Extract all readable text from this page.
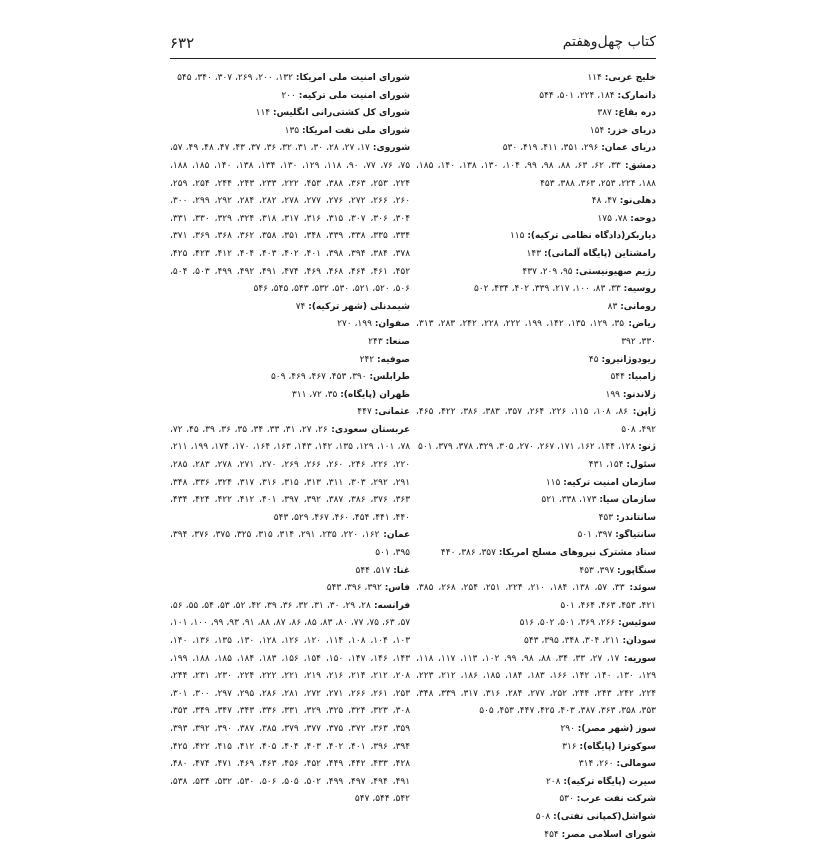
کتاب چهل‌وهفتم
۶۳۲

خلیج عربی: ۱۱۴

دانمارک: ۱۸۴، ۲۲۴، ۵۰۱، ۵۴۴

دره بقاع: ۳۸۷

دریای خزر: ۱۵۴

دریای عمان: ۲۹۶، ۳۵۱، ۴۱۱، ۴۱۹، ۵۳۰

دمشق: ۳۳، ۶۲، ۶۳، ۸۸، ۹۸، ۹۹، ۱۰۴، ۱۳۰، ۱۳۸، ۱۴۰، ۱۸۵، ۱۸۸، ۲۲۴، ۲۵۳، ۳۶۳، ۳۸۸، ۴۵۳

دهلی‌نو: ۴۷، ۴۸

دوحه: ۷۸، ۱۷۵

دیاربکر(دادگاه نظامی ترکیه): ۱۱۵

رامشتاین (پایگاه آلمانی): ۱۴۳

رژیم صهیونیستی: ۹۵، ۲۰۹، ۴۳۷

روسیه: ۳۳، ۸۳، ۱۰۰، ۲۱۷، ۳۳۹، ۴۰۲، ۴۳۴، ۵۰۲

رومانی: ۸۳

ریاض: ۳۵، ۱۲۹، ۱۳۵، ۱۴۲، ۱۹۹، ۲۲۲، ۲۲۸، ۲۴۲، ۲۸۳، ۳۱۳، ۳۳۰، ۳۹۲

ریودوژانیرو: ۴۵

زامبیا: ۵۴۴

زلاندنو: ۱۹۹

ژاپن: ۸۶، ۱۰۸، ۱۱۵، ۲۲۶، ۲۶۴، ۳۵۷، ۳۸۳، ۳۸۶، ۴۲۲، ۴۶۵، ۴۹۲، ۵۰۸

ژنو: ۱۲۸، ۱۴۴، ۱۶۲، ۱۷۱، ۲۶۷، ۲۷۰، ۳۰۵، ۳۲۹، ۳۷۸، ۳۷۹، ۵۰۱

سئول: ۱۵۴، ۴۳۱

سازمان امنیت ترکیه: ۱۱۵

سازمان سیا: ۱۷۳، ۳۳۸، ۵۲۱

سانتاندر: ۴۵۳

سانتیاگو: ۳۹۷، ۵۰۱

ستاد مشترک نیروهای مسلح امریکا: ۳۵۷، ۳۸۶، ۴۴۰

سنگاپور: ۳۹۷، ۴۵۳

سوئد: ۳۳، ۵۷، ۱۳۸، ۱۸۴، ۲۱۰، ۲۲۴، ۲۵۱، ۲۵۴، ۲۶۸، ۳۸۵، ۴۲۱، ۴۵۳، ۴۶۳، ۴۶۴، ۵۰۱

سوئیس: ۲۶۶، ۳۶۹، ۵۰۱، ۵۰۲، ۵۱۶

سودان: ۲۱۱، ۳۰۴، ۳۴۸، ۳۹۵، ۵۴۳

سوریه: ۱۷، ۲۷، ۳۳، ۳۴، ۸۸، ۹۸، ۹۹، ۱۰۲، ۱۱۳، ۱۱۷، ۱۱۸، ۱۲۹، ۱۳۰، ۱۴۰، ۱۴۲، ۱۶۶، ۱۸۳، ۱۸۴، ۱۸۵، ۱۸۶، ۲۱۲، ۲۲۳، ۲۲۴، ۲۴۲، ۲۴۳، ۲۴۴، ۲۵۲، ۲۷۷، ۲۸۴، ۳۱۶، ۳۱۷، ۳۳۹، ۳۴۸، ۳۵۳، ۳۵۸، ۳۶۳، ۳۸۷، ۴۰۳، ۴۲۵، ۴۴۷، ۴۵۳، ۵۰۵

سوز (شهر مصر): ۲۹۰

سوکوترا (پایگاه): ۳۱۶

سومالی: ۲۶۰، ۳۱۴

سیرت (پایگاه ترکیه): ۲۰۸

شرکت نفت عرب: ۵۳۰

شواشل(کمپانی نفتی): ۵۰۸

شورای اسلامی مصر: ۴۵۴

شورای امنیت ملی امریکا: ۱۳۲، ۲۰۰، ۲۶۹، ۳۰۷، ۳۴۰، ۵۴۵

شورای امنیت ملی ترکیه: ۲۰۰

شورای کل کشتی‌رانی انگلیس: ۱۱۴

شورای ملی نفت امریکا: ۱۳۵

شوروی: ۱۷، ۲۷، ۲۸، ۳۰، ۳۱، ۳۲، ۳۶، ۳۷، ۴۳، ۴۷، ۴۸، ۴۹، ۵۷، ۷۵، ۷۶، ۷۷، ۹۰، ۱۱۸، ۱۲۹، ۱۳۰، ۱۳۴، ۱۳۸، ۱۴۰، ۱۸۵، ۱۸۸، ۲۲۴، ۲۵۳، ۳۶۳، ۳۸۸، ۴۵۳، ۲۲۲، ۲۳۳، ۲۴۳، ۲۴۴، ۲۵۴، ۲۵۹، ۲۶۰، ۲۶۶، ۲۷۲، ۲۷۶، ۲۷۷، ۲۷۸، ۲۸۲، ۲۸۴، ۲۹۲، ۲۹۹، ۳۰۰، ۳۰۴، ۳۰۶، ۳۰۷، ۳۱۵، ۳۱۶، ۳۱۷، ۳۱۸، ۳۲۴، ۳۲۹، ۳۳۰، ۳۳۱، ۳۳۴، ۳۳۵، ۳۳۸، ۳۳۹، ۳۴۸، ۳۵۱، ۳۵۸، ۳۶۲، ۳۶۸، ۳۶۹، ۳۷۱، ۳۷۸، ۳۸۴، ۳۹۴، ۳۹۸، ۴۰۱، ۴۰۲، ۴۰۳، ۴۰۴، ۴۱۲، ۴۲۳، ۴۲۵، ۴۵۲، ۴۶۱، ۴۶۴، ۴۶۸، ۴۶۹، ۴۷۴، ۴۹۱، ۴۹۲، ۴۹۹، ۵۰۳، ۵۰۴، ۵۰۶، ۵۲۰، ۵۲۱، ۵۳۰، ۵۳۲، ۵۴۳، ۵۴۵، ۵۴۶

شیمدنلی (شهر ترکیه): ۷۴

صفوان: ۱۹۹، ۲۷۰

صنعا: ۲۴۳

صوفیه: ۲۴۲

طرابلس: ۳۹۰، ۴۵۳، ۴۶۷، ۴۶۹، ۵۰۹

ظهران (پایگاه): ۳۵، ۷۲، ۳۱۱

عثمانی: ۴۴۷

عربستان سعودی: ۲۶، ۲۷، ۳۱، ۳۳، ۳۴، ۳۵، ۳۶، ۳۹، ۴۵، ۷۲، ۷۸، ۱۰۱، ۱۲۹، ۱۳۵، ۱۴۲، ۱۴۳، ۱۶۳، ۱۶۴، ۱۷۰، ۱۷۴، ۱۹۹، ۲۱۱، ۲۲۰، ۲۲۶، ۲۴۶، ۲۶۰، ۲۶۶، ۲۶۹، ۲۷۰، ۲۷۱، ۲۷۸، ۲۸۳، ۲۸۵، ۲۹۱، ۲۹۲، ۳۰۳، ۳۱۱، ۳۱۳، ۳۱۵، ۳۱۶، ۳۱۷، ۳۲۴، ۳۳۶، ۳۴۸، ۳۶۳، ۳۷۶، ۳۸۶، ۳۸۷، ۳۹۲، ۳۹۷، ۴۰۱، ۴۱۲، ۴۲۲، ۴۲۴، ۴۳۴، ۴۴۰، ۴۴۱، ۴۵۴، ۴۶۰، ۴۶۷، ۵۲۹، ۵۴۳

عمان: ۱۶۲، ۲۲۰، ۲۳۵، ۲۹۱، ۳۱۴، ۳۱۵، ۳۲۵، ۳۷۵، ۳۷۶، ۳۹۴، ۳۹۵، ۵۰۱

غنا: ۵۱۷، ۵۴۴

فاس: ۳۹۲، ۳۹۶، ۵۴۳

فرانسه: ۲۸، ۲۹، ۳۰، ۳۱، ۳۲، ۳۶، ۳۹، ۴۲، ۵۲، ۵۳، ۵۴، ۵۵، ۵۶، ۵۷، ۶۳، ۷۵، ۷۷، ۸۰، ۸۳، ۸۵، ۸۶، ۸۷، ۸۸، ۹۱، ۹۳، ۹۹، ۱۰۰، ۱۰۱، ۱۰۳، ۱۰۴، ۱۰۸، ۱۱۴، ۱۲۰، ۱۲۶، ۱۲۸، ۱۳۰، ۱۳۵، ۱۳۶، ۱۴۰، ۱۴۳، ۱۴۶، ۱۴۷، ۱۵۰، ۱۵۴، ۱۵۶، ۱۸۳، ۱۸۴، ۱۸۵، ۱۸۸، ۱۹۹، ۲۰۸، ۲۱۲، ۲۱۴، ۲۱۶، ۲۱۹، ۲۲۱، ۲۲۲، ۲۲۴، ۲۳۰، ۲۳۱، ۲۴۴، ۲۵۳، ۲۶۱، ۲۶۶، ۲۷۱، ۲۷۲، ۲۸۱، ۲۸۶، ۲۹۵، ۲۹۷، ۳۰۰، ۳۰۱، ۳۰۸، ۳۲۳، ۳۲۴، ۳۲۵، ۳۲۹، ۳۳۱، ۳۳۶، ۳۴۳، ۳۴۷، ۳۴۹، ۳۵۳، ۳۵۹، ۳۶۳، ۳۷۲، ۳۷۵، ۳۷۷، ۳۷۹، ۳۸۵، ۳۸۷، ۳۹۰، ۳۹۲، ۳۹۳، ۳۹۴، ۳۹۶، ۴۰۱، ۴۰۲، ۴۰۳، ۴۰۴، ۴۰۵، ۴۱۲، ۴۱۵، ۴۲۲، ۴۲۵، ۴۲۸، ۴۳۳، ۴۴۲، ۴۴۹، ۴۵۲، ۴۵۶، ۴۶۳، ۴۶۹، ۴۷۱، ۴۷۴، ۴۸۰، ۴۹۱، ۴۹۴، ۴۹۷، ۴۹۹، ۵۰۲، ۵۰۵، ۵۰۶، ۵۳۰، ۵۳۲، ۵۳۴، ۵۳۸، ۵۴۲، ۵۴۴، ۵۴۷
